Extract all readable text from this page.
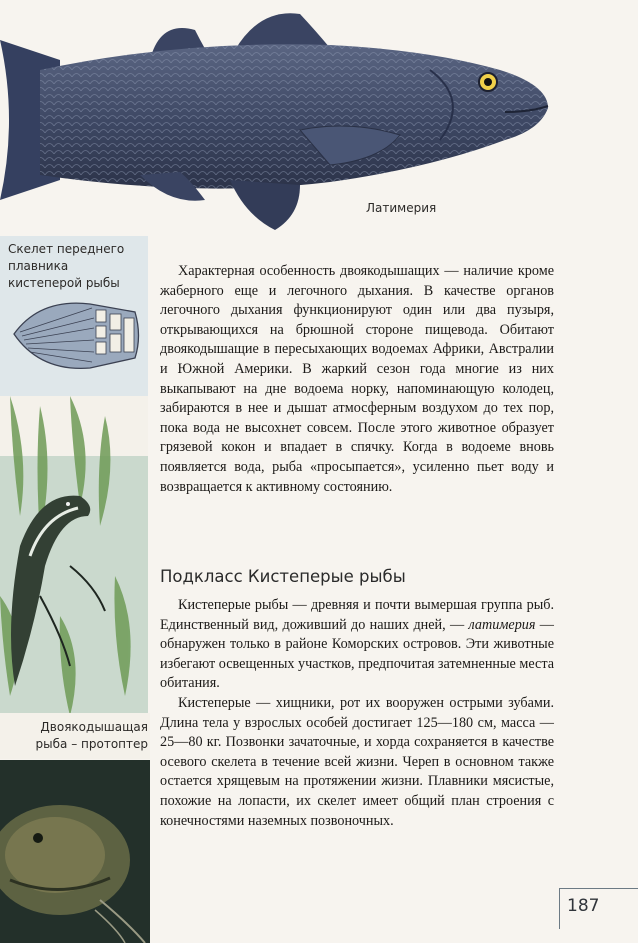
Латимерия
Скелет переднего
плавника
кистеперой рыбы
Двоякодышащая
рыба – протоптер

Характерная особенность двоякодышащих — наличие кроме жаберного еще и легочного дыхания. В качестве органов легочного дыхания функционируют один или два пузыря, открывающихся на брюшной стороне пищевода. Обитают двоякодышащие в пересыхающих водоемах Африки, Австралии и Южной Америки. В жаркий сезон года многие из них выкапывают на дне водоема норку, напоминающую колодец, забираются в нее и дышат атмосферным воздухом до тех пор, пока вода не высохнет совсем. После этого животное образует грязевой кокон и впадает в спячку. Когда в водоеме вновь появляется вода, рыба «просыпается», усиленно пьет воду и возвращается к активному состоянию.

Подкласс Кистеперые рыбы

Кистеперые рыбы — древняя и почти вымершая группа рыб. Единственный вид, доживший до наших дней, — латимерия — обнаружен только в районе Коморских островов. Эти животные избегают освещенных участков, предпочитая затемненные места обитания.

Кистеперые — хищники, рот их вооружен острыми зубами. Длина тела у взрослых особей достигает 125—180 см, масса — 25—80 кг. Позвонки зачаточные, и хорда сохраняется в качестве осевого скелета в течение всей жизни. Череп в основном также остается хрящевым на протяжении жизни. Плавники мясистые, похожие на лопасти, их скелет имеет общий план строения с конечностями наземных позвоночных.

187
